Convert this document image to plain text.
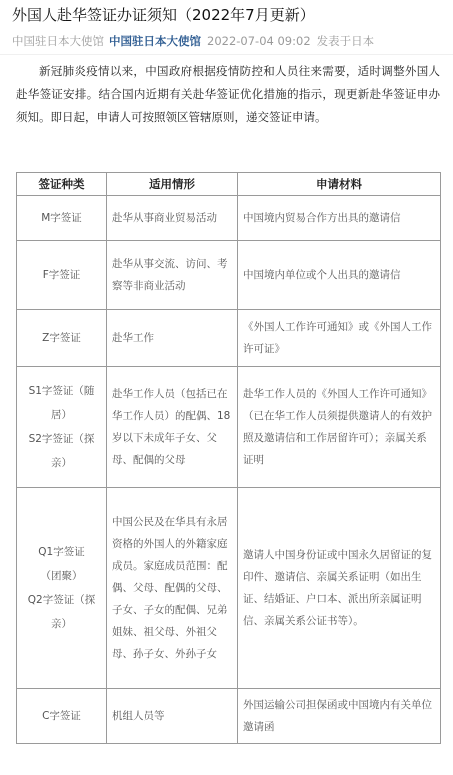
外国人赴华签证办证须知（2022年7月更新）
中国驻日本大使馆 中国驻日本大使馆 2022-07-04 09:02 发表于日本

新冠肺炎疫情以来，中国政府根据疫情防控和人员往来需要，适时调整外国人赴华签证安排。结合国内近期有关赴华签证优化措施的指示，现更新赴华签证申办须知。即日起，申请人可按照领区管辖原则，递交签证申请。

签证种类	适用情形	申请材料

M字签证	赴华从事商业贸易活动	中国境内贸易合作方出具的邀请信

F字签证	赴华从事交流、访问、考察等非商业活动	中国境内单位或个人出具的邀请信

Z字签证	赴华工作	《外国人工作许可通知》或《外国人工作许可证》

S1字签证（随
居）
S2字签证（探
亲）	赴华工作人员（包括已在华工作人员）的配偶、18岁以下未成年子女、父母、配偶的父母	赴华工作人员的《外国人工作许可通知》（已在华工作人员须提供邀请人的有效护照及邀请信和工作居留许可）；亲属关系证明

Q1字签证
（团聚）
Q2字签证（探
亲）	中国公民及在华具有永居资格的外国人的外籍家庭成员。家庭成员范围：配偶、父母、配偶的父母、子女、子女的配偶、兄弟姐妹、祖父母、外祖父母、孙子女、外孙子女	邀请人中国身份证或中国永久居留证的复印件、邀请信、亲属关系证明（如出生证、结婚证、户口本、派出所亲属证明信、亲属关系公证书等）。

C字签证	机组人员等	外国运输公司担保函或中国境内有关单位邀请函
